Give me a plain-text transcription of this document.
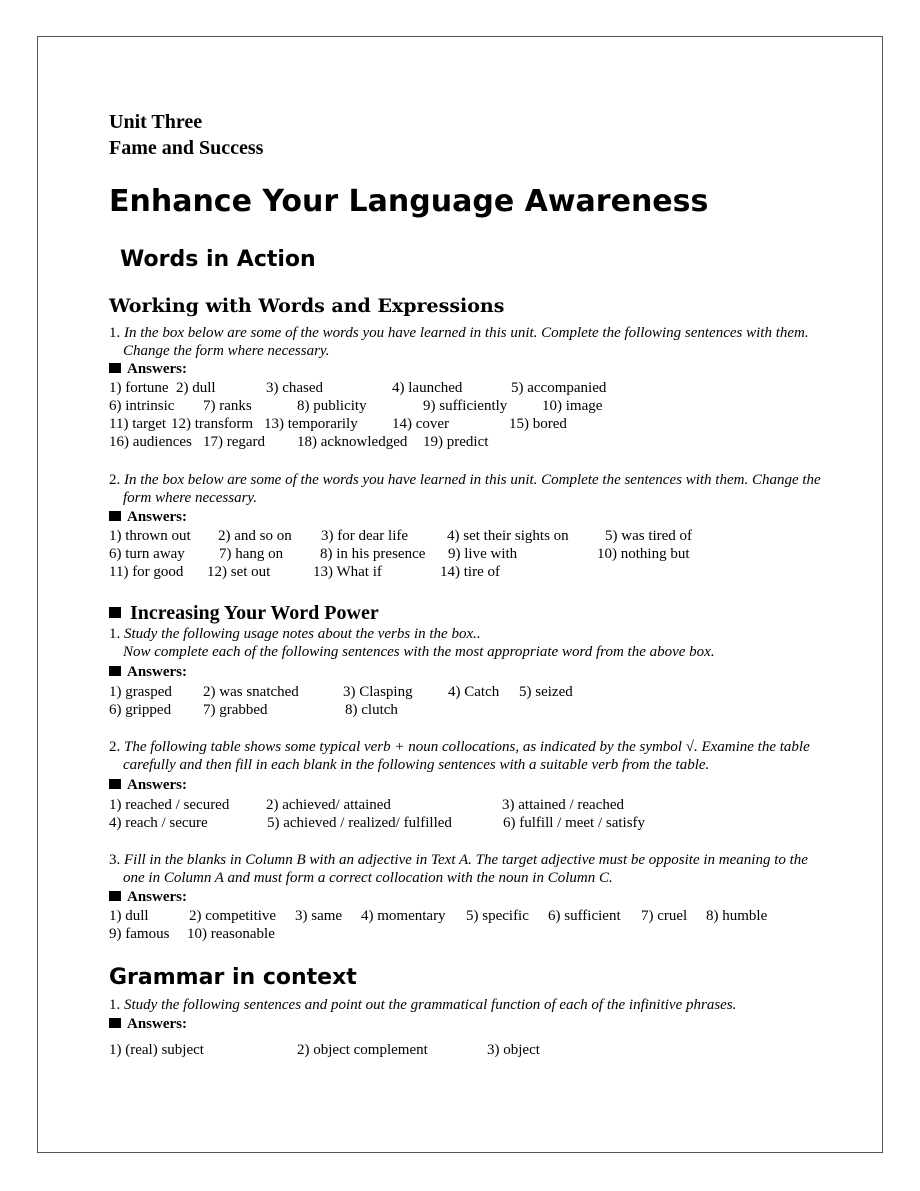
Unit Three
Fame and Success
Enhance Your Language Awareness
Words in Action
Working with Words and Expressions
1. In the box below are some of the words you have learned in this unit. Complete the following sentences with them. Change the form where necessary.
Answers:
1) fortune 2) dull	3) chased	4) launched	5) accompanied
6) intrinsic 7) ranks	8) publicity	9) sufficiently 10) image
11) target 12) transform 13) temporarily 14) cover	15) bored
16) audiences 17) regard 18) acknowledged 19) predict
2. In the box below are some of the words you have learned in this unit. Complete the sentences with them. Change the form where necessary.
Answers:
1) thrown out 2) and so on 3) for dear life	4) set their sights on 5) was tired of
6) turn away 7) hang on 8) in his presence 9) live with	10) nothing but
11) for good 12) set out	13) What if	14) tire of
Increasing Your Word Power
1. Study the following usage notes about the verbs in the box..
Now complete each of the following sentences with the most appropriate word from the above box.
Answers:
1) grasped 2) was snatched	3) Clasping 4) Catch 5) seized
6) gripped 7) grabbed	8) clutch
2. The following table shows some typical verb + noun collocations, as indicated by the symbol √. Examine the table carefully and then fill in each blank in the following sentences with a suitable verb from the table.
Answers:
1) reached / secured 2) achieved/ attained	3) attained / reached
4) reach / secure	5) achieved / realized/ fulfilled	6) fulfill / meet / satisfy
3. Fill in the blanks in Column B with an adjective in Text A. The target adjective must be opposite in meaning to the one in Column A and must form a correct collocation with the noun in Column C.
Answers:
1) dull	2) competitive 3) same 4) momentary 5) specific 6) sufficient 7) cruel 8) humble
9) famous 10) reasonable
Grammar in context
1. Study the following sentences and point out the grammatical function of each of the infinitive phrases.
Answers:
1) (real) subject	2) object complement	3) object
